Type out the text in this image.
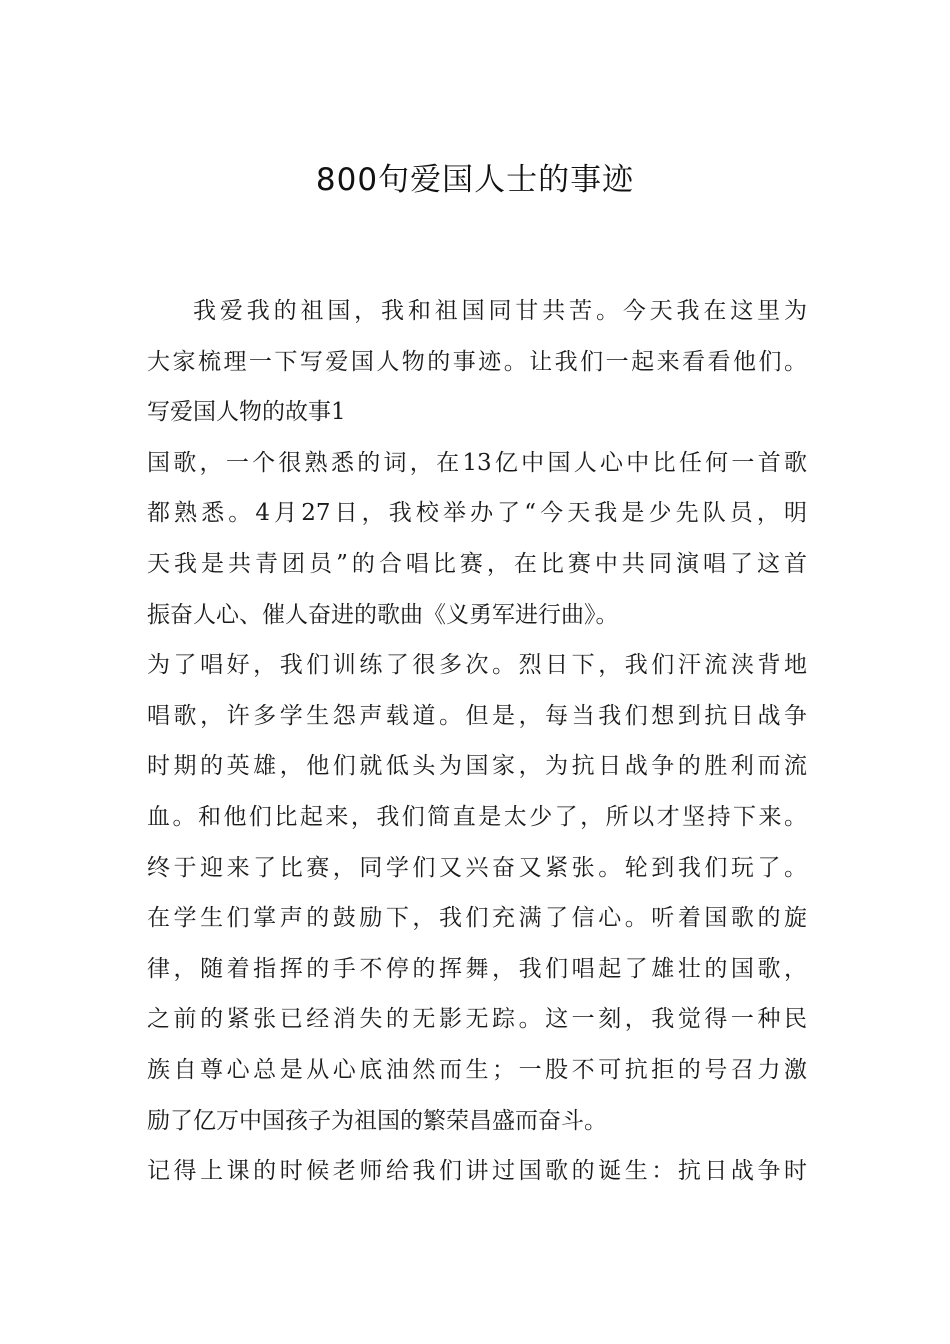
800句爱国人士的事迹
我爱我的祖国，我和祖国同甘共苦。今天我在这里为
大家梳理一下写爱国人物的事迹。让我们一起来看看他们。
写爱国人物的故事1
国歌，一个很熟悉的词，在13亿中国人心中比任何一首歌
都熟悉。4月27日，我校举办了“今天我是少先队员，明
天我是共青团员”的合唱比赛，在比赛中共同演唱了这首
振奋人心、催人奋进的歌曲《义勇军进行曲》。
为了唱好，我们训练了很多次。烈日下，我们汗流浃背地
唱歌，许多学生怨声载道。但是，每当我们想到抗日战争
时期的英雄，他们就低头为国家，为抗日战争的胜利而流
血。和他们比起来，我们简直是太少了，所以才坚持下来。
终于迎来了比赛，同学们又兴奋又紧张。轮到我们玩了。
在学生们掌声的鼓励下，我们充满了信心。听着国歌的旋
律，随着指挥的手不停的挥舞，我们唱起了雄壮的国歌，
之前的紧张已经消失的无影无踪。这一刻，我觉得一种民
族自尊心总是从心底油然而生；一股不可抗拒的号召力激
励了亿万中国孩子为祖国的繁荣昌盛而奋斗。
记得上课的时候老师给我们讲过国歌的诞生：抗日战争时
